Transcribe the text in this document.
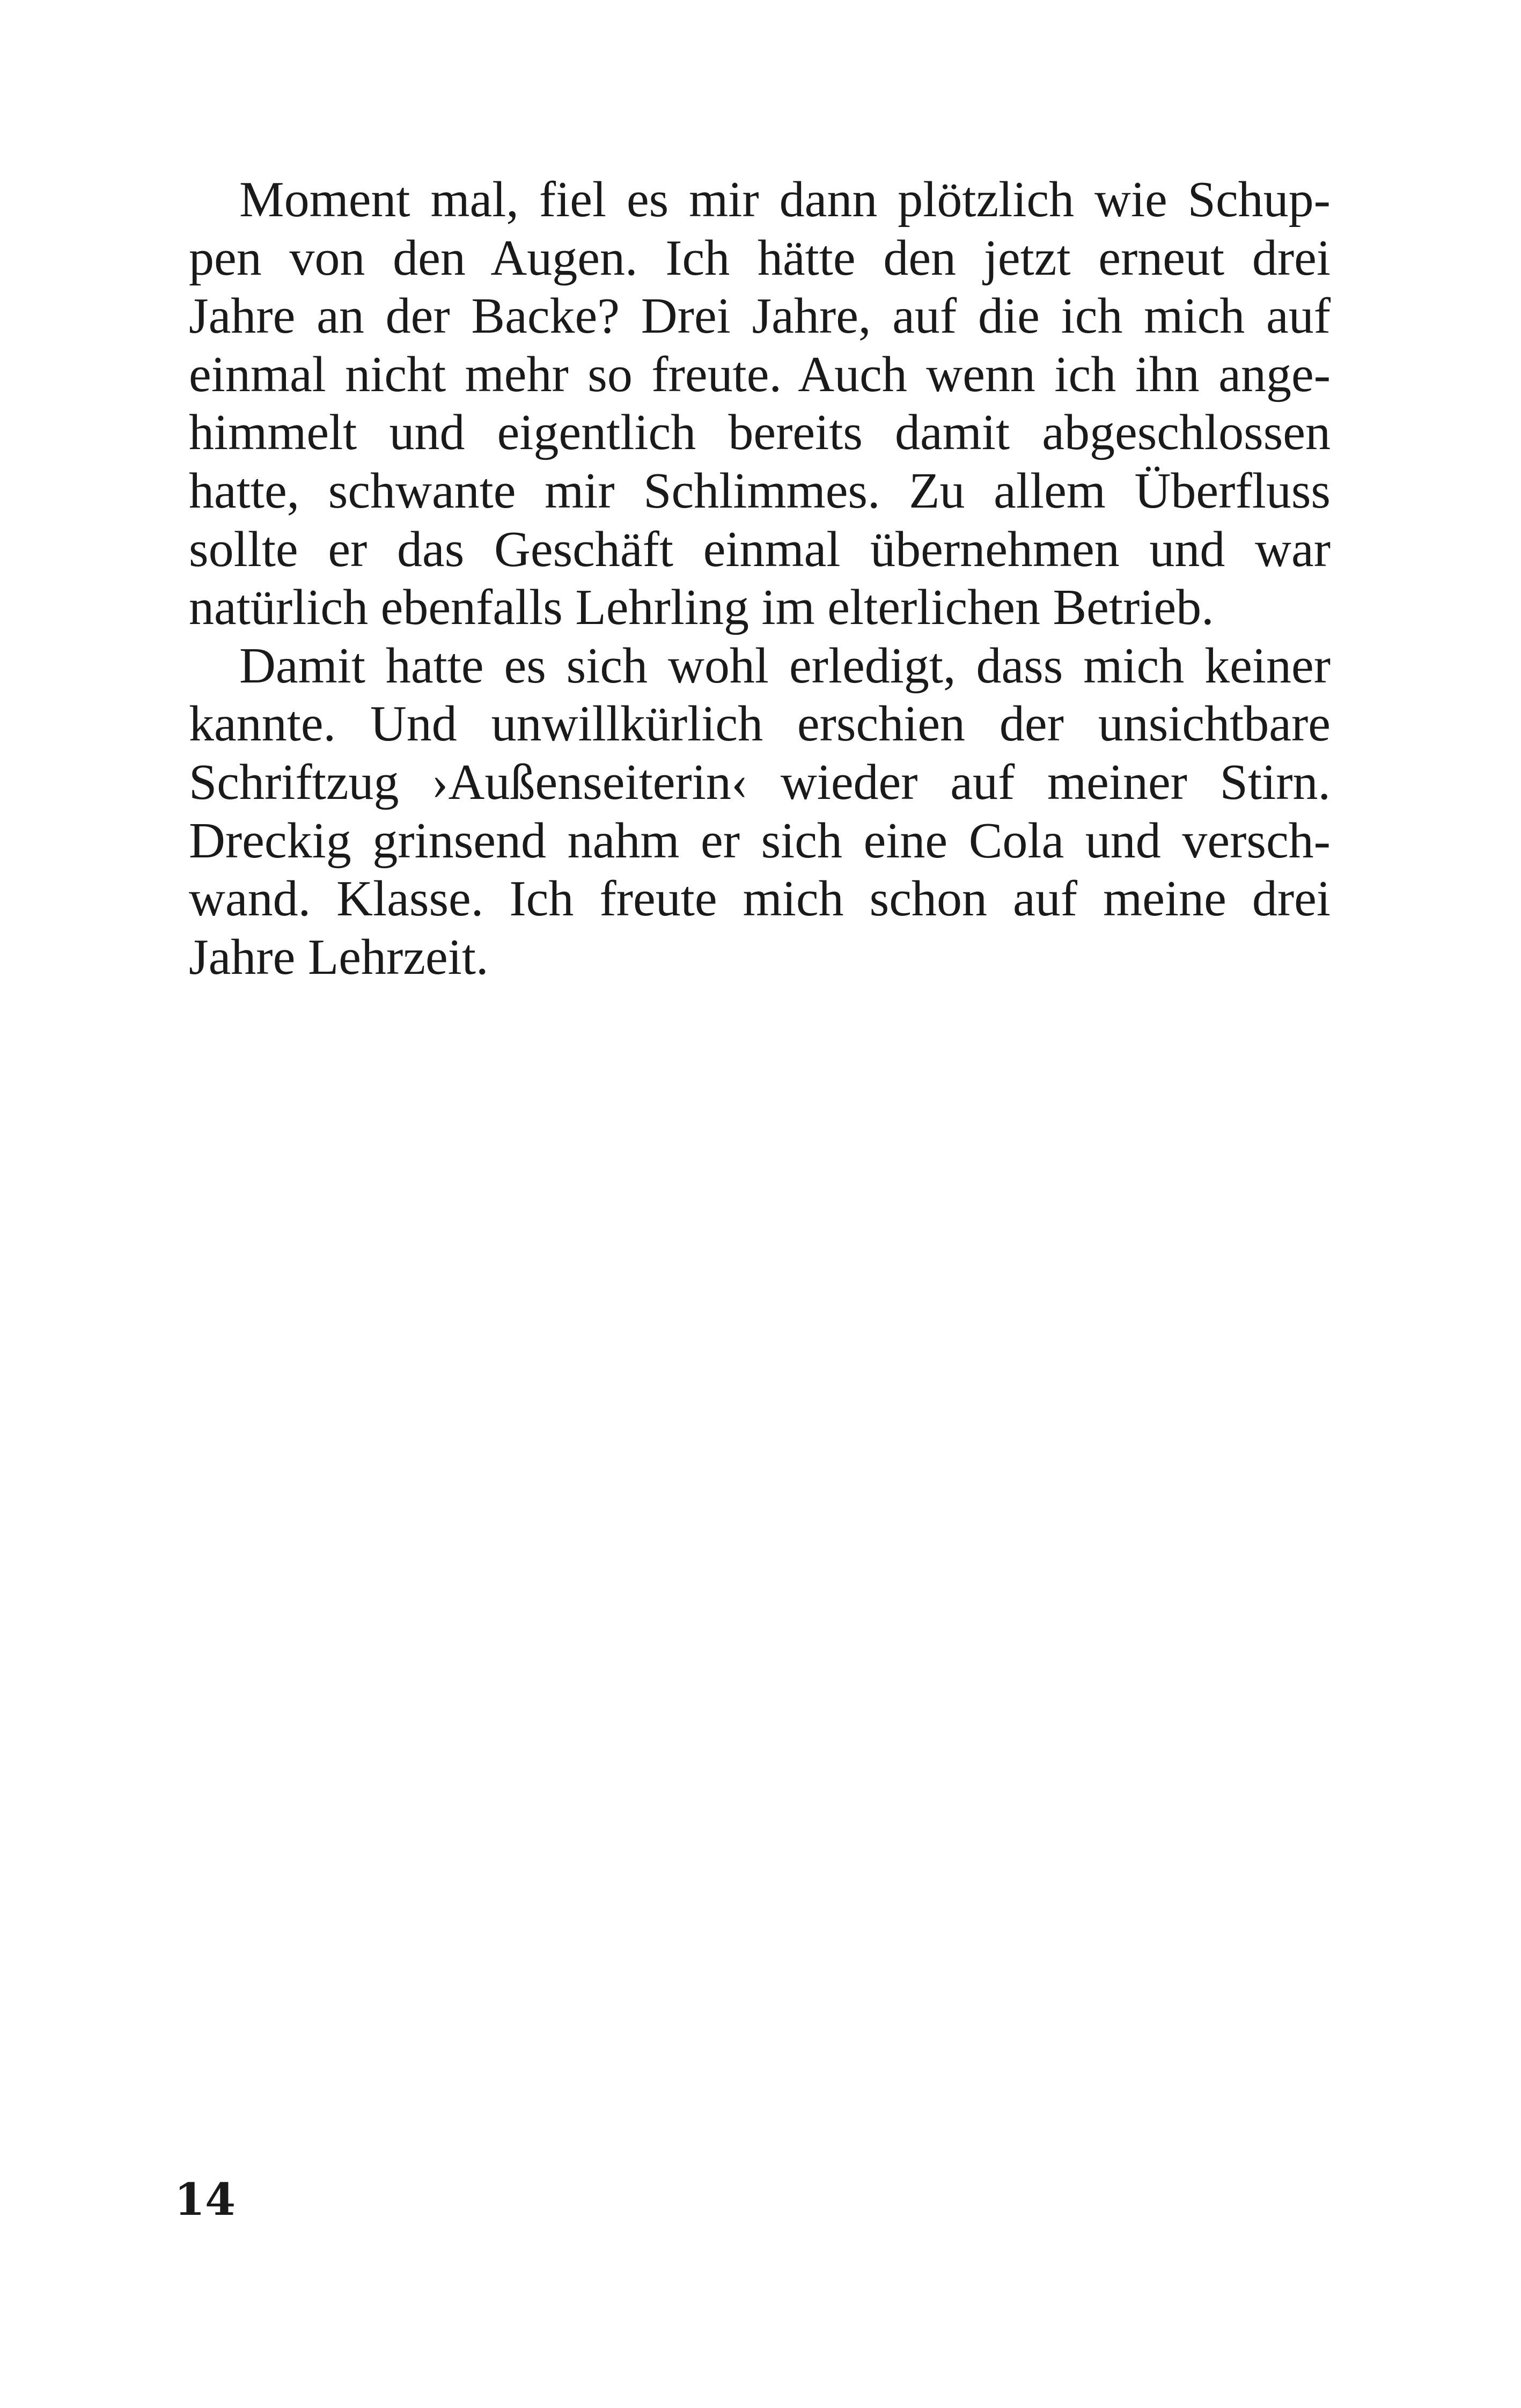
Moment mal, fiel es mir dann plötzlich wie Schup-
pen von den Augen. Ich hätte den jetzt erneut drei
Jahre an der Backe? Drei Jahre, auf die ich mich auf
einmal nicht mehr so freute. Auch wenn ich ihn ange-
himmelt und eigentlich bereits damit abgeschlossen
hatte, schwante mir Schlimmes. Zu allem Überfluss
sollte er das Geschäft einmal übernehmen und war
natürlich ebenfalls Lehrling im elterlichen Betrieb.
Damit hatte es sich wohl erledigt, dass mich keiner
kannte. Und unwillkürlich erschien der unsichtbare
Schriftzug ›Außenseiterin‹ wieder auf meiner Stirn.
Dreckig grinsend nahm er sich eine Cola und versch-
wand. Klasse. Ich freute mich schon auf meine drei
Jahre Lehrzeit.
14
